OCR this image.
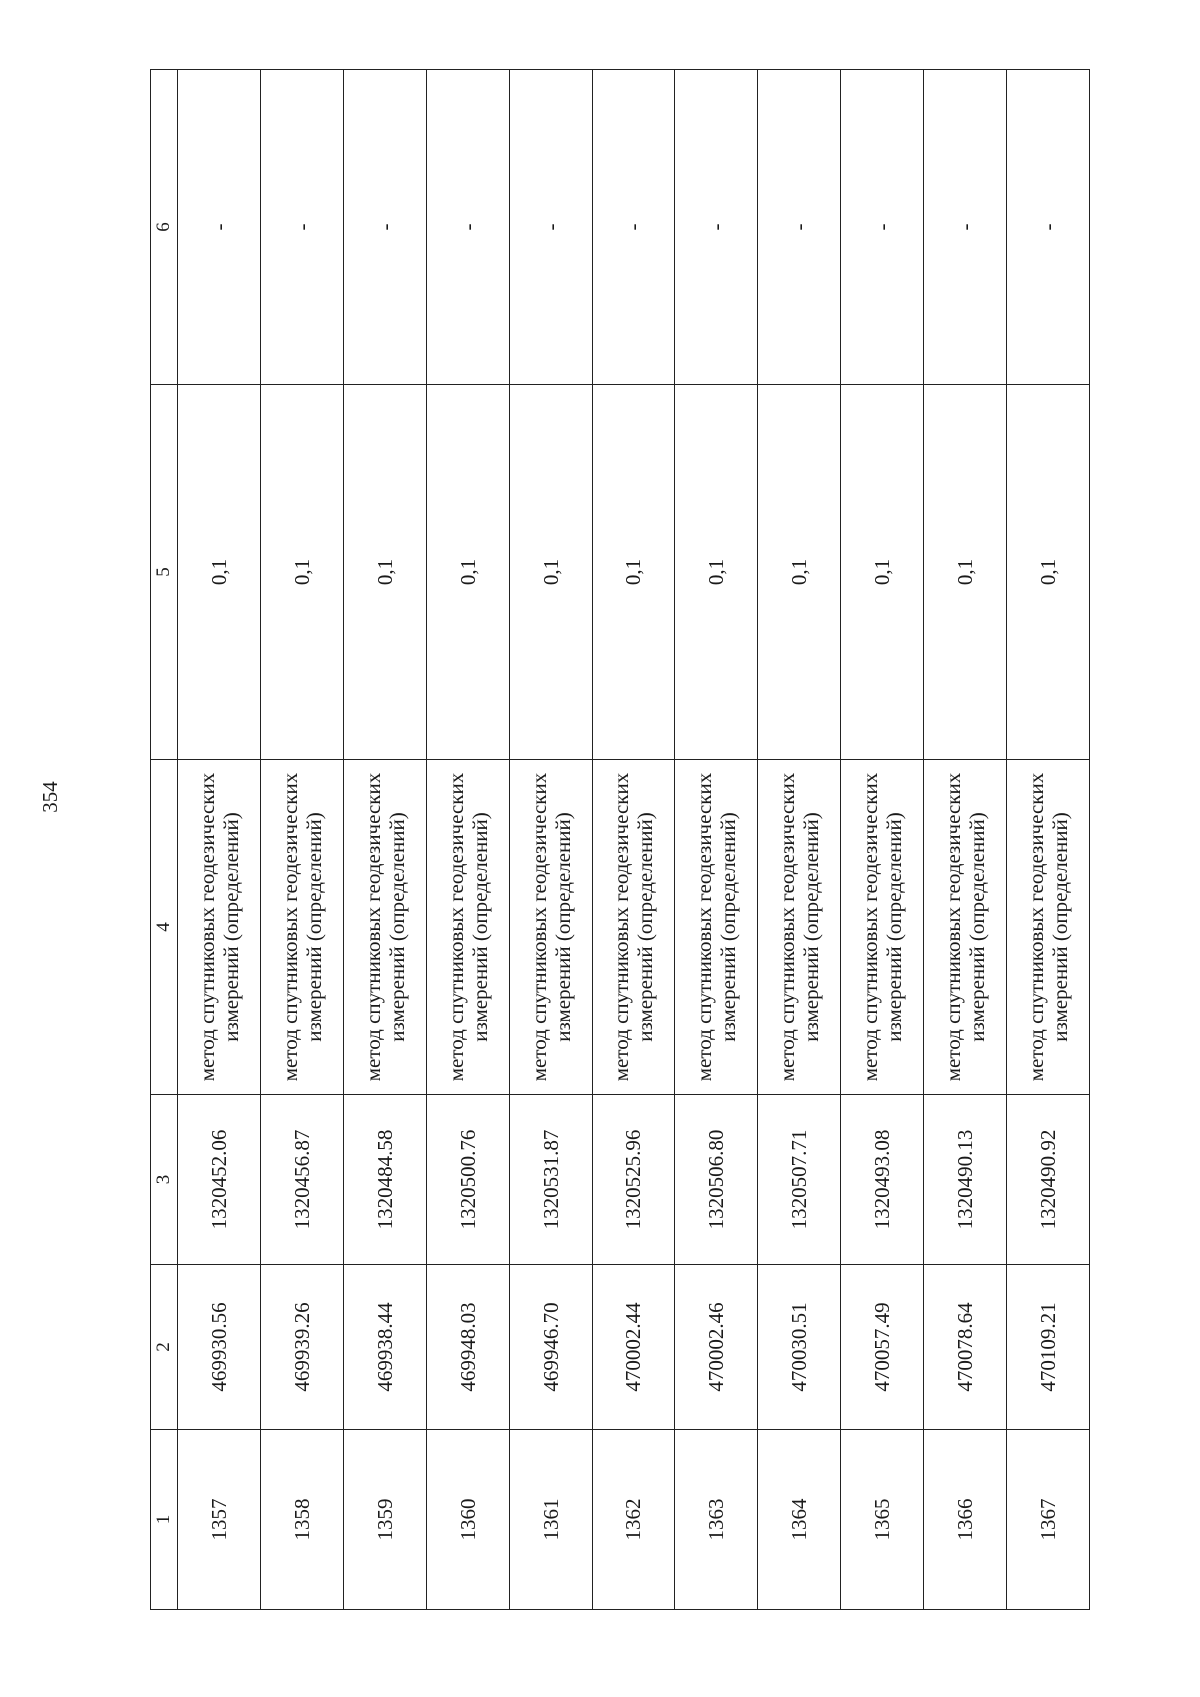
354
1	2	3	4	5	6
1357	469930.56	1320452.06	метод спутниковых геодезических измерений (определений)	0,1	-
1358	469939.26	1320456.87	метод спутниковых геодезических измерений (определений)	0,1	-
1359	469938.44	1320484.58	метод спутниковых геодезических измерений (определений)	0,1	-
1360	469948.03	1320500.76	метод спутниковых геодезических измерений (определений)	0,1	-
1361	469946.70	1320531.87	метод спутниковых геодезических измерений (определений)	0,1	-
1362	470002.44	1320525.96	метод спутниковых геодезических измерений (определений)	0,1	-
1363	470002.46	1320506.80	метод спутниковых геодезических измерений (определений)	0,1	-
1364	470030.51	1320507.71	метод спутниковых геодезических измерений (определений)	0,1	-
1365	470057.49	1320493.08	метод спутниковых геодезических измерений (определений)	0,1	-
1366	470078.64	1320490.13	метод спутниковых геодезических измерений (определений)	0,1	-
1367	470109.21	1320490.92	метод спутниковых геодезических измерений (определений)	0,1	-
